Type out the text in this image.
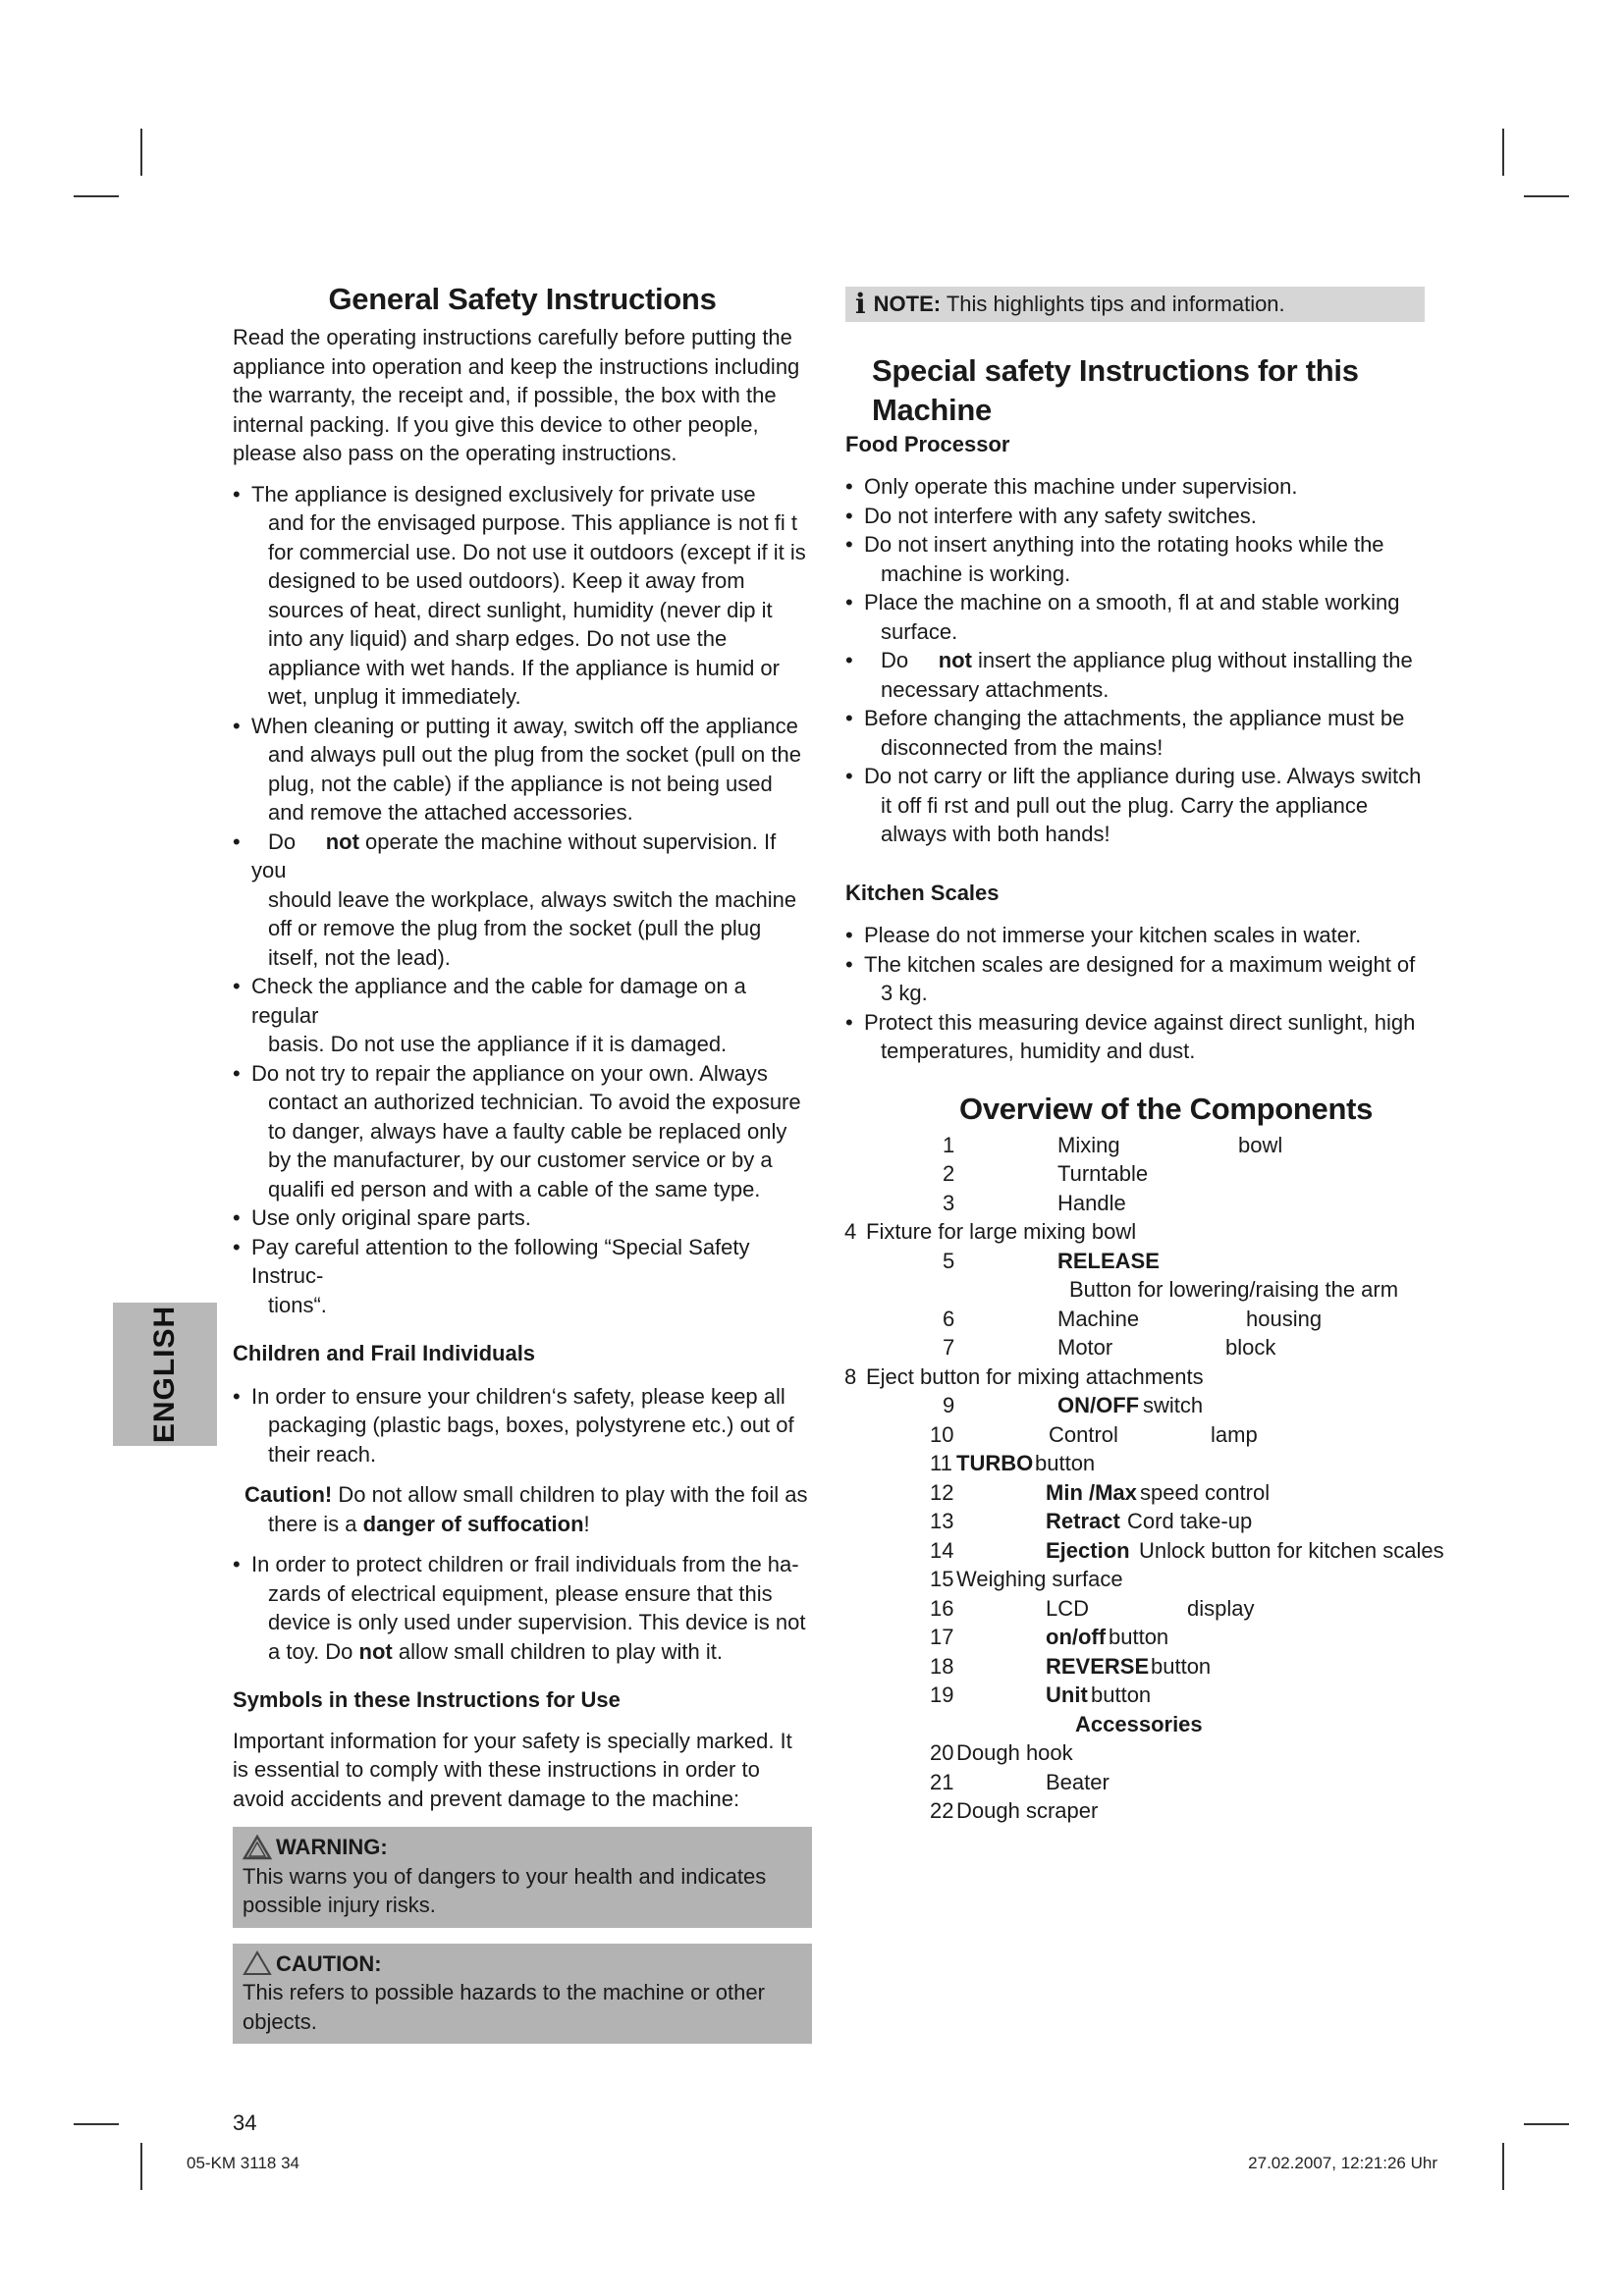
ENGLISH
General Safety Instructions

Read the operating instructions carefully before putting the appliance into operation and keep the instructions including the warranty, the receipt and, if possible, the box with the internal packing. If you give this device to other people, please also pass on the operating instructions.

• The appliance is designed exclusively for private use
and for the envisaged purpose. This appliance is not fi t for commercial use. Do not use it outdoors (except if it is designed to be used outdoors). Keep it away from sources of heat, direct sunlight, humidity (never dip it into any liquid) and sharp edges. Do not use the appliance with wet hands. If the appliance is humid or wet, unplug it immediately.
• When cleaning or putting it away, switch off the appliance
and always pull out the plug from the socket (pull on the plug, not the cable) if the appliance is not being used and remove the attached accessories.
• Do not operate the machine without supervision. If you
should leave the workplace, always switch the machine off or remove the plug from the socket (pull the plug itself, not the lead).
• Check the appliance and the cable for damage on a regular
basis. Do not use the appliance if it is damaged.
• Do not try to repair the appliance on your own. Always
contact an authorized technician. To avoid the exposure to danger, always have a faulty cable be replaced only by the manufacturer, by our customer service or by a qualifi ed person and with a cable of the same type.
• Use only original spare parts.
• Pay careful attention to the following “Special Safety Instruc-
tions“.
Children and Frail Individuals
• In order to ensure your children‘s safety, please keep all
packaging (plastic bags, boxes, polystyrene etc.) out of their reach.
Caution! Do not allow small children to play with the foil as
there is a danger of suffocation!
• In order to protect children or frail individuals from the ha-
zards of electrical equipment, please ensure that this device is only used under supervision. This device is not a toy. Do not allow small children to play with it.
Symbols in these Instructions for Use

Important information for your safety is specially marked. It is essential to comply with these instructions in order to avoid accidents and prevent damage to the machine:

WARNING:

This warns you of dangers to your health and indicates possible injury risks.

CAUTION:

This refers to possible hazards to the machine or other objects.

34
i NOTE: This highlights tips and information.
Special safety Instructions for this Machine
Food Processor
• Only operate this machine under supervision.
• Do not interfere with any safety switches.
• Do not insert anything into the rotating hooks while the
machine is working.
• Place the machine on a smooth, fl at and stable working
surface.
• Do not insert the appliance plug without installing the
necessary attachments.
• Before changing the attachments, the appliance must be
disconnected from the mains!
• Do not carry or lift the appliance during use. Always switch
it off fi rst and pull out the plug. Carry the appliance always with both hands!
Kitchen Scales
• Please do not immerse your kitchen scales in water.
• The kitchen scales are designed for a maximum weight of
3 kg.
• Protect this measuring device against direct sunlight, high
temperatures, humidity and dust.
Overview of the Components
1	Mixing	bowl
2	Turntable
3	Handle
4 Fixture for large mixing bowl
5	RELEASE
Button for lowering/raising the arm
6	Machine	housing
7	Motor	block
8 Eject button for mixing attachments
9	ON/OFF switch
10	Control	lamp
11 TURBO button
12	Min /Max speed control
13	Retract Cord take-up
14	Ejection Unlock button for kitchen scales
15 Weighing surface
16	LCD	display
17	on/off button
18	REVERSE button
19	Unit button
Accessories
20 Dough hook
21	Beater
22 Dough scraper
05-KM 3118 34	27.02.2007, 12:21:26 Uhr
